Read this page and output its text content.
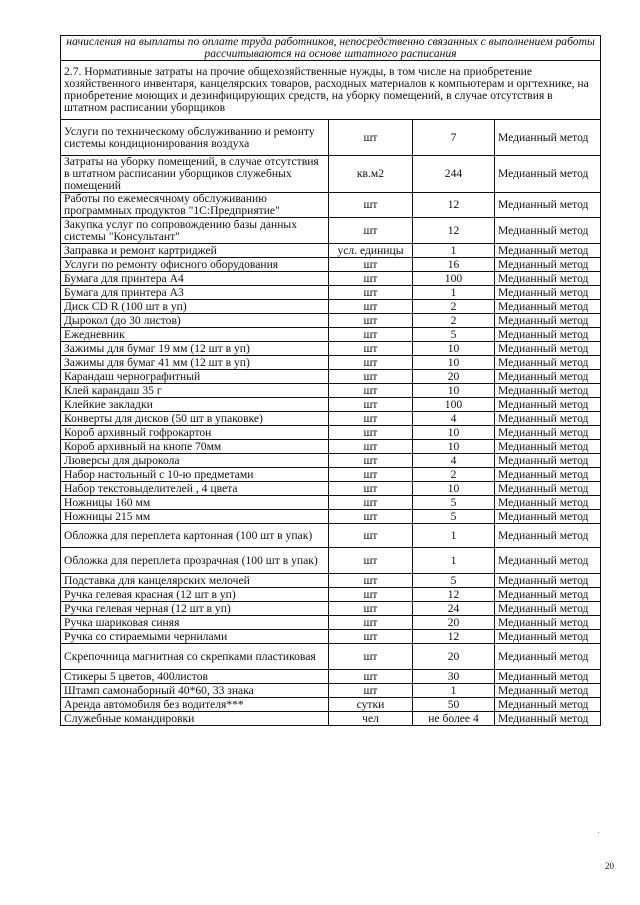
начисления на выплаты по оплате труда работников, непосредственно связанных с выполнением работы рассчитываются на основе штатного расписания			
2.7. Нормативные затраты на прочие общехозяйственные нужды, в том числе на приобретение хозяйственного инвентаря, канцелярских товаров, расходных материалов к компьютерам и оргтехнике, на приобретение моющих и дезинфицирующих средств, на уборку помещений, в случае отсутствия в штатном расписании уборщиков			
Услуги по техническому обслуживанию и ремонту системы кондиционирования воздуха	шт	7	Медианный метод
Затраты на уборку помещений, в случае отсутствия в штатном расписании уборщиков служебных помещений	кв.м2	244	Медианный метод
Работы по ежемесячному обслуживанию программных продуктов "1С:Предприятие"	шт	12	Медианный метод
Закупка услуг по сопровождению базы данных системы "Консультант"	шт	12	Медианный метод
Заправка и ремонт картриджей	усл. единицы	1	Медианный метод
Услуги по ремонту офисного оборудования	шт	16	Медианный метод
Бумага для принтера А4	шт	100	Медианный метод
Бумага для принтера А3	шт	1	Медианный метод
Диск CD R (100 шт в уп)	шт	2	Медианный метод
Дырокол (до 30 листов)	шт	2	Медианный метод
Ежедневник	шт	5	Медианный метод
Зажимы для бумаг 19 мм (12 шт в уп)	шт	10	Медианный метод
Зажимы для бумаг 41 мм (12 шт в уп)	шт	10	Медианный метод
Карандаш чернографитный	шт	20	Медианный метод
Клей карандаш 35 г	шт	10	Медианный метод
Клейкие закладки	шт	100	Медианный метод
Конверты для дисков (50 шт в упаковке)	шт	4	Медианный метод
Короб архивный гофрокартон	шт	10	Медианный метод
Короб архивный на кнопе 70мм	шт	10	Медианный метод
Люверсы для дырокола	шт	4	Медианный метод
Набор настольный с 10-ю предметами	шт	2	Медианный метод
Набор текстовыделителей , 4 цвета	шт	10	Медианный метод
Ножницы 160 мм	шт	5	Медианный метод
Ножницы 215 мм	шт	5	Медианный метод
Обложка для переплета картонная (100 шт в упак)	шт	1	Медианный метод
Обложка для переплета прозрачная (100 шт в упак)	шт	1	Медианный метод
Подставка для канцелярских мелочей	шт	5	Медианный метод
Ручка гелевая красная (12 шт в уп)	шт	12	Медианный метод
Ручка гелевая черная (12 шт в уп)	шт	24	Медианный метод
Ручка шариковая синяя	шт	20	Медианный метод
Ручка со стираемыми чернилами	шт	12	Медианный метод
Скрепочница магнитная со скрепками пластиковая	шт	20	Медианный метод
Стикеры 5 цветов, 400листов	шт	30	Медианный метод
Штамп самонаборный 40*60, 33 знака	шт	1	Медианный метод
Аренда автомобиля без водителя***	сутки	50	Медианный метод
Служебные командировки	чел	не более 4	Медианный метод
20
